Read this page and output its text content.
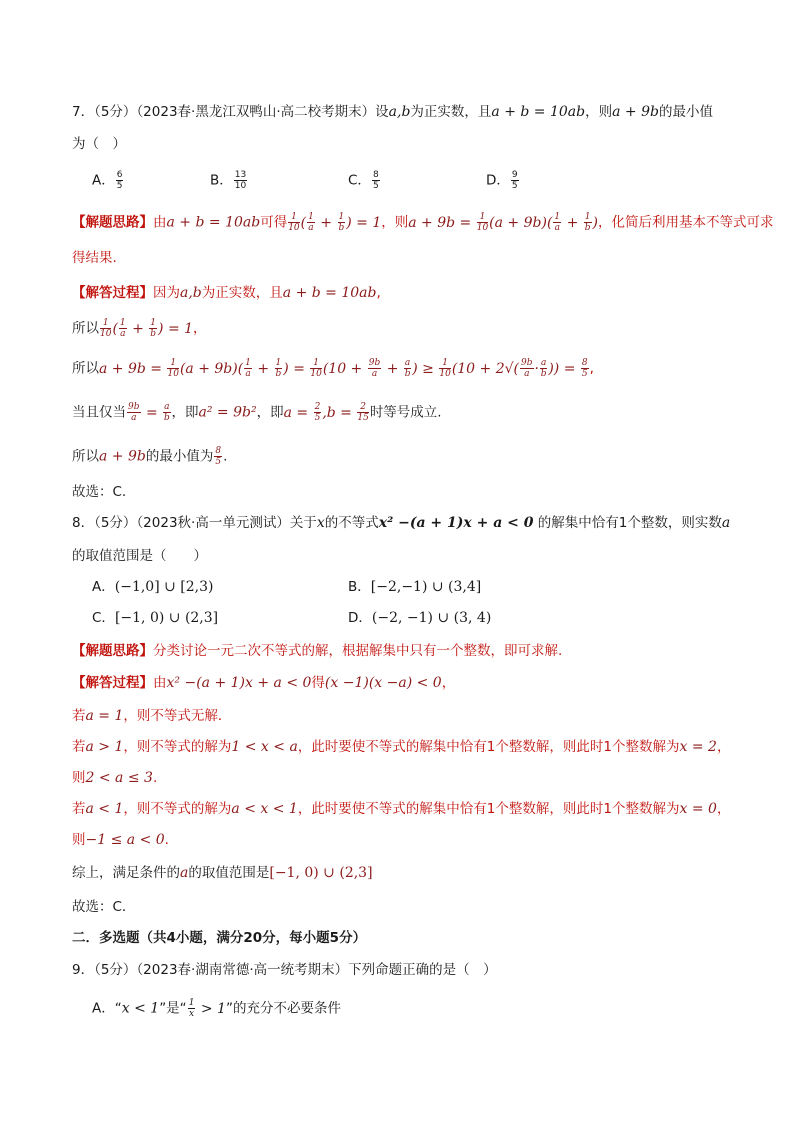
7．（5分）（2023春·黑龙江双鸭山·高二校考期末）设a,b为正实数，且a + b = 10ab，则a + 9b的最小值
为（　）
A． $\frac{6}{5}$	B． $\frac{13}{10}$	C． $\frac{8}{5}$	D． $\frac{9}{5}$
【解题思路】由a + b = 10ab可得 $\frac{1}{10}$ ( $\frac{1}{a} + \frac{1}{b}$ ) = 1，则$a + 9b = \frac{1}{10} (a + 9b)( \frac{1}{a} + \frac{1}{b}$ )，化简后利用基本不等式可求
得结果.
【解答过程】因为a,b为正实数，且a + b = 10ab,
所以 $\frac{1}{10}$ ( $\frac{1}{a} + \frac{1}{b}$ ) = 1，
所以$a + 9b = \frac{1}{10} (a + 9b)( \frac{1}{a} + \frac{1}{b}$ ) = $\frac{1}{10} (10 + \frac{9b}{a} + \frac{a}{b}$ ) ≥ $\frac{1}{10} (10 + 2√( \frac{9b}{a} \cdot \frac{a}{b}$ )) = $\frac{8}{5}$ ,
当且仅当 $\frac{9b}{a} = \frac{a}{b}$ ，即a² = 9b²，即$a = \frac{2}{5} ,b = \frac{2}{15}$ 时等号成立.
所以a + 9b的最小值为 $\frac{8}{5}$ .
故选：C.
8．（5分）（2023秋·高一单元测试）关于x的不等式x² −(a + 1)x + a < 0 的解集中恰有1个整数，则实数a
的取值范围是（　　）
A．(−1,0] ∪ [2,3)	B．[−2,−1) ∪ (3,4]
C．[−1, 0) ∪ (2,3]	D．(−2, −1) ∪ (3, 4)
【解题思路】分类讨论一元二次不等式的解，根据解集中只有一个整数，即可求解.
【解答过程】由x² −(a + 1)x + a < 0得(x −1)(x −a) < 0，
若a = 1，则不等式无解．
若a > 1，则不等式的解为1 < x < a，此时要使不等式的解集中恰有1个整数解，则此时1个整数解为x = 2，
则2 < a ≤ 3.
若a < 1，则不等式的解为a < x < 1，此时要使不等式的解集中恰有1个整数解，则此时1个整数解为x = 0，
则−1 ≤ a < 0.
综上，满足条件的a的取值范围是[−1, 0) ∪ (2,3]
故选：C．
二．多选题（共4小题，满分20分，每小题5分）
9．（5分）（2023春·湖南常德·高一统考期末）下列命题正确的是（　）
A．“x < 1”是“ $\frac{1}{x} > 1$”的充分不必要条件
